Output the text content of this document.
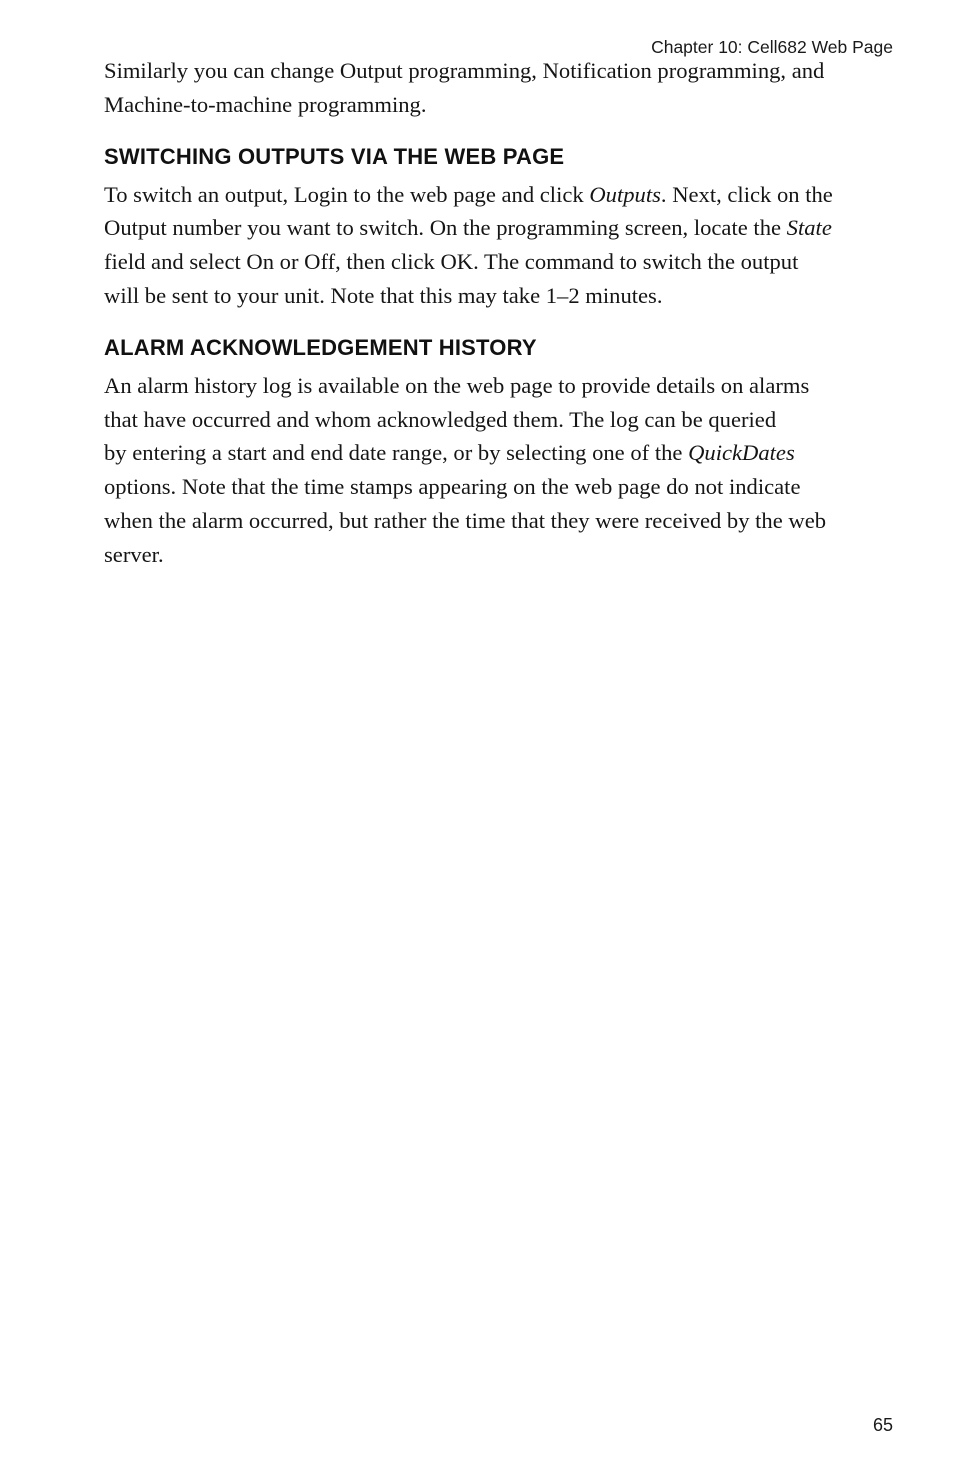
Chapter 10: Cell682 Web Page

Similarly you can change Output programming, Notification programming, and
Machine-to-machine programming.

SWITCHING OUTPUTS VIA THE WEB PAGE

To switch an output, Login to the web page and click Outputs. Next, click on the
Output number you want to switch. On the programming screen, locate the State
field and select On or Off, then click OK. The command to switch the output
will be sent to your unit. Note that this may take 1–2 minutes.

ALARM ACKNOWLEDGEMENT HISTORY

An alarm history log is available on the web page to provide details on alarms
that have occurred and whom acknowledged them. The log can be queried
by entering a start and end date range, or by selecting one of the QuickDates
options. Note that the time stamps appearing on the web page do not indicate
when the alarm occurred, but rather the time that they were received by the web
server.

65
